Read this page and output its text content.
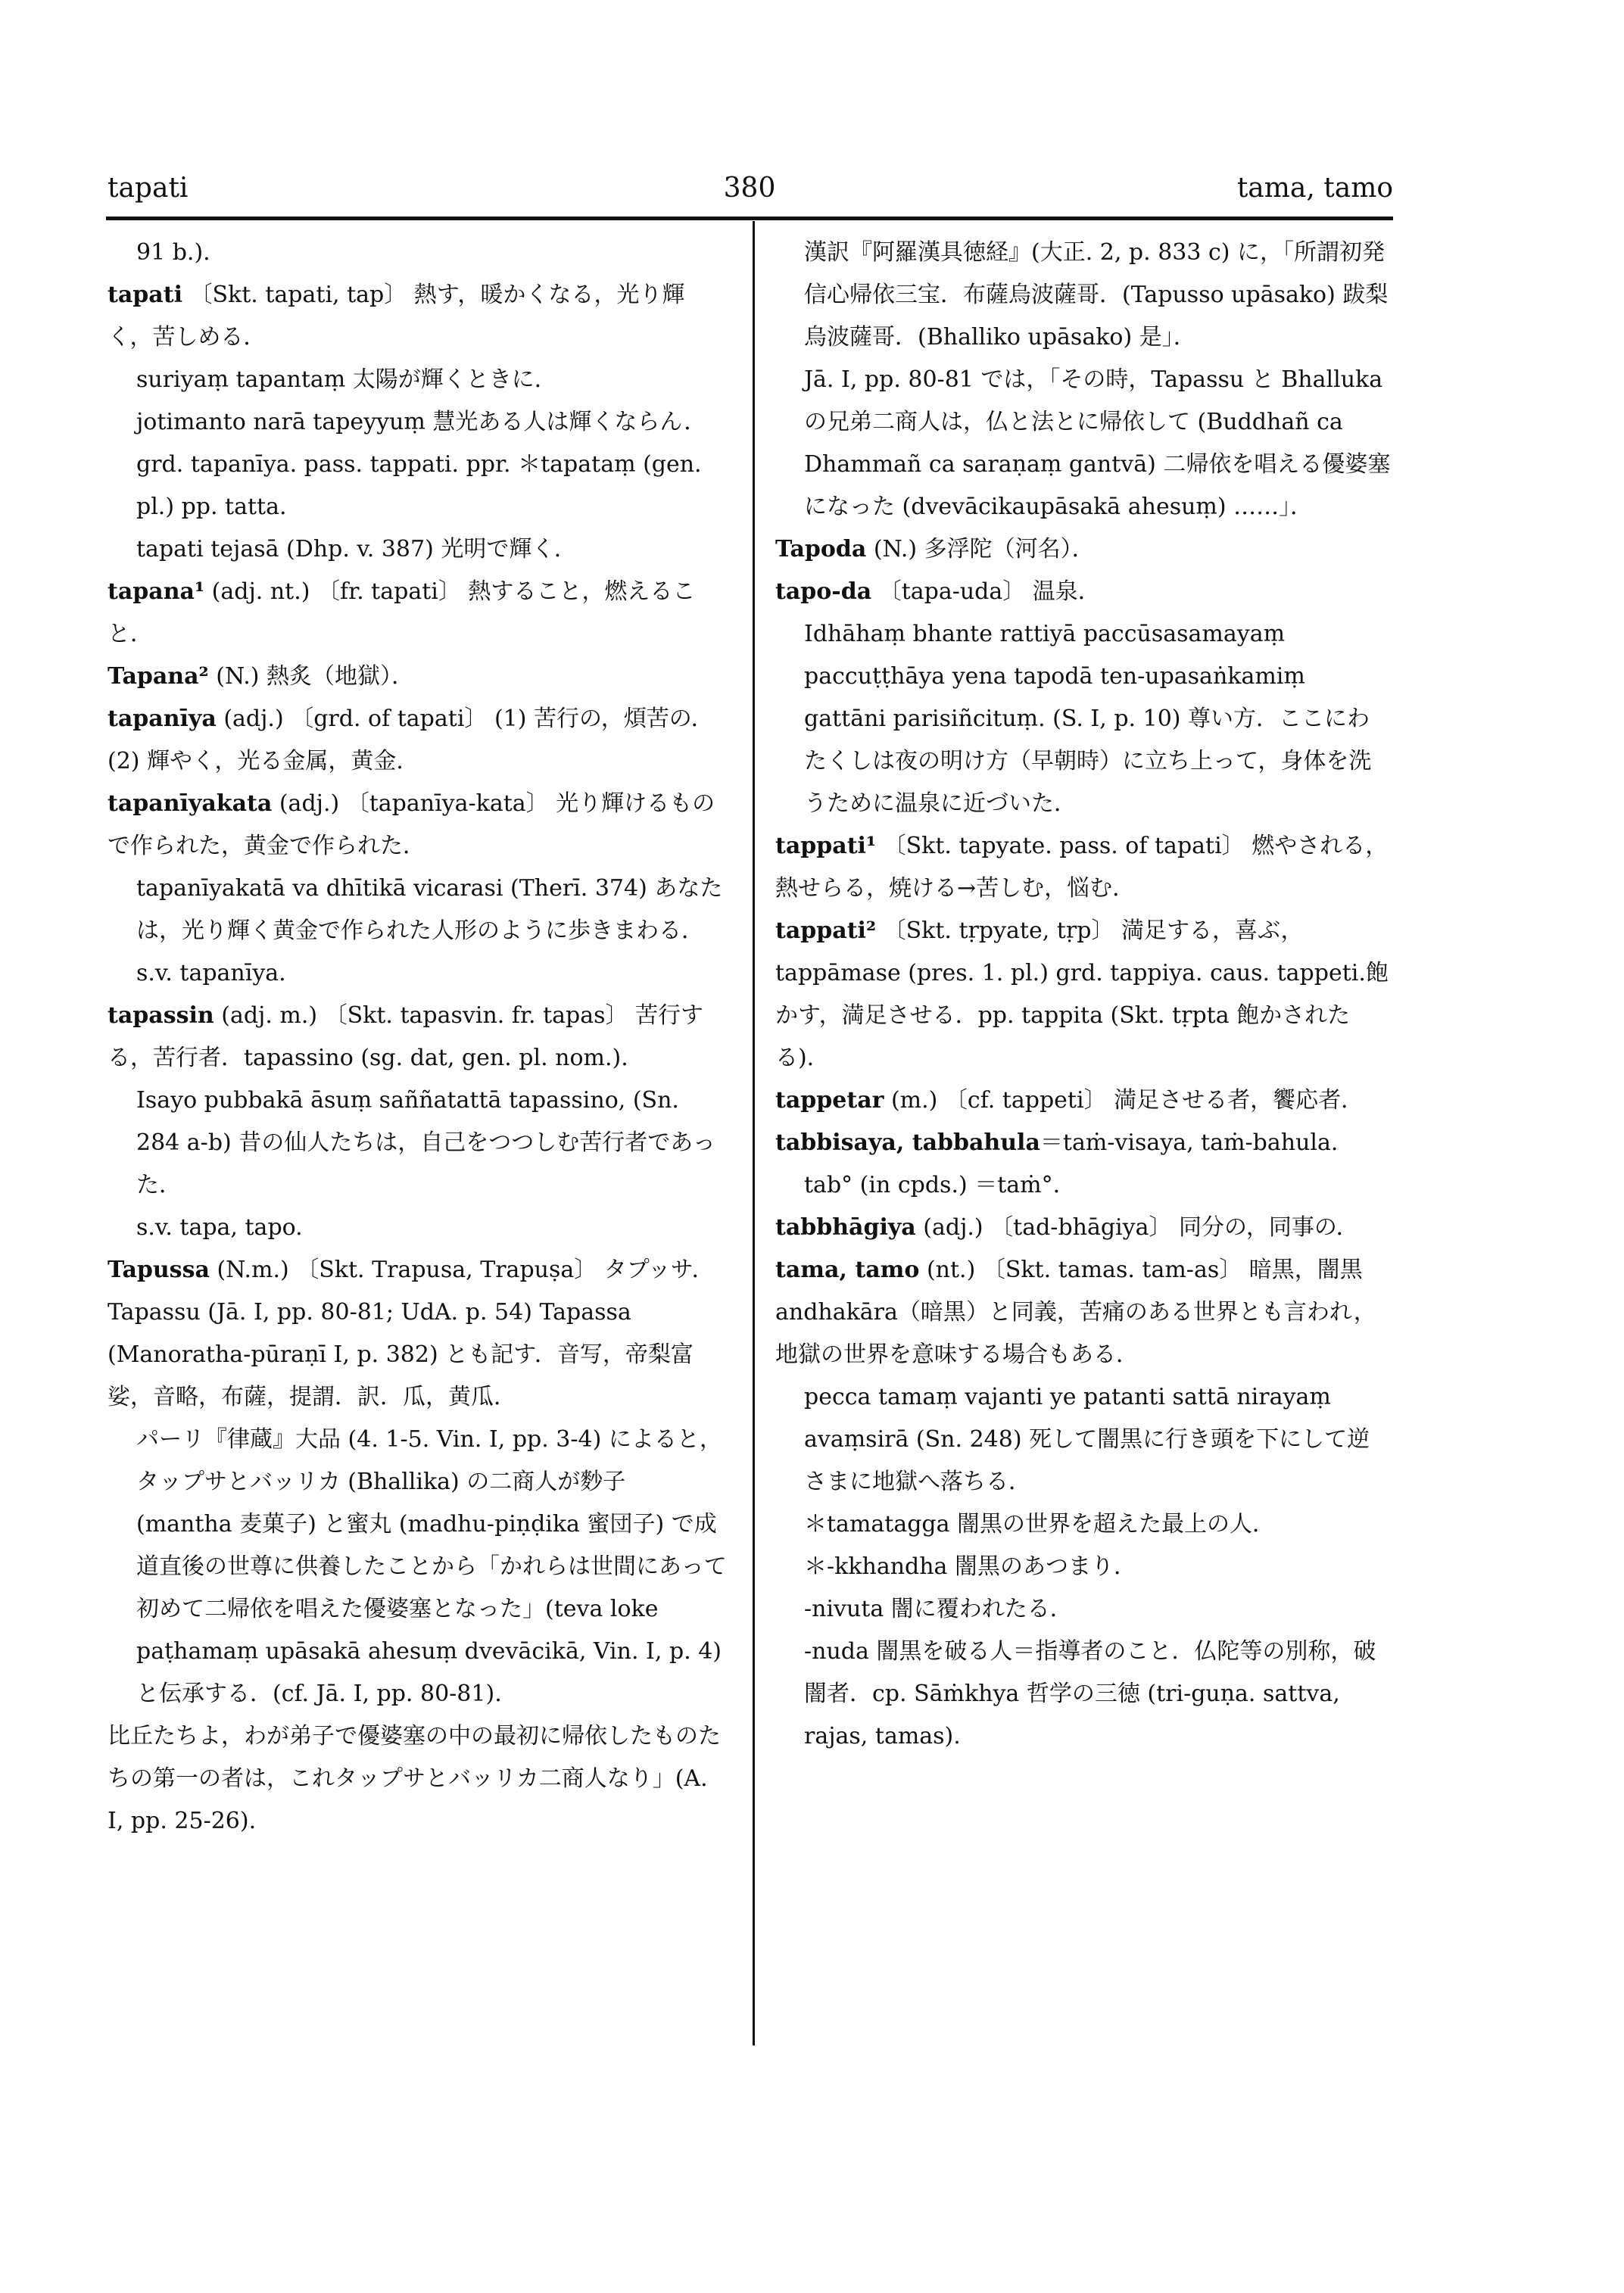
tapati	380	tama, tamo

91 b.).

tapati 〔Skt. tapati, tap〕 熱す，暖かくなる，光り輝く，苦しめる．

suriyaṃ tapantaṃ 太陽が輝くときに．

jotimanto narā tapeyyuṃ 慧光ある人は輝くならん．grd. tapanīya. pass. tappati. ppr. ＊tapataṃ (gen. pl.) pp. tatta.

tapati tejasā (Dhp. v. 387) 光明で輝く．

tapana¹ (adj. nt.) 〔fr. tapati〕 熱すること，燃えること．

Tapana² (N.) 熱炙（地獄）．

tapanīya (adj.) 〔grd. of tapati〕 (1) 苦行の，煩苦の． (2) 輝やく，光る金属，黄金．

tapanīyakata (adj.) 〔tapanīya-kata〕 光り輝けるもので作られた，黄金で作られた．

tapanīyakatā va dhītikā vicarasi (Therī. 374) あなたは，光り輝く黄金で作られた人形のように歩きまわる．

s.v. tapanīya.

tapassin (adj. m.) 〔Skt. tapasvin. fr. tapas〕 苦行する，苦行者．tapassino (sg. dat, gen. pl. nom.).

Isayo pubbakā āsuṃ saññatattā tapassino, (Sn. 284 a-b) 昔の仙人たちは，自己をつつしむ苦行者であった．

s.v. tapa, tapo.

Tapussa (N.m.) 〔Skt. Trapusa, Trapuṣa〕 タプッサ．Tapassu (Jā. I, pp. 80-81; UdA. p. 54) Tapassa (Manoratha-pūraṇī I, p. 382) とも記す．音写，帝梨富娑，音略，布薩，提謂．訳．瓜，黄瓜．

パーリ『律蔵』大品 (4. 1-5. Vin. I, pp. 3-4) によると，タップサとバッリカ (Bhallika) の二商人が麨子 (mantha 麦菓子) と蜜丸 (madhu-piṇḍika 蜜団子) で成道直後の世尊に供養したことから「かれらは世間にあって初めて二帰依を唱えた優婆塞となった」(teva loke paṭhamaṃ upāsakā ahesuṃ dvevācikā, Vin. I, p. 4) と伝承する．(cf. Jā. I, pp. 80-81).

比丘たちよ，わが弟子で優婆塞の中の最初に帰依したものたちの第一の者は，これタップサとバッリカ二商人なり」(A. I, pp. 25-26).

漢訳『阿羅漢具徳経』(大正. 2, p. 833 c) に，「所謂初発信心帰依三宝．布薩烏波薩哥．(Tapusso upāsako) 跋梨烏波薩哥．(Bhalliko upāsako) 是」．

Jā. I, pp. 80-81 では，「その時，Tapassu と Bhalluka の兄弟二商人は，仏と法とに帰依して (Buddhañ ca Dhammañ ca saraṇaṃ gantvā) 二帰依を唱える優婆塞になった (dvevācikaupāsakā ahesuṃ) ……」．

Tapoda (N.) 多浮陀（河名）．

tapo-da 〔tapa-uda〕 温泉．

Idhāhaṃ bhante rattiyā paccūsasamayaṃ paccuṭṭhāya yena tapodā ten-upasaṅkamiṃ gattāni parisiñcituṃ. (S. I, p. 10) 尊い方．ここにわたくしは夜の明け方（早朝時）に立ち上って，身体を洗うために温泉に近づいた．

tappati¹ 〔Skt. tapyate. pass. of tapati〕 燃やされる，熱せらる，焼ける→苦しむ，悩む．

tappati² 〔Skt. tṛpyate, tṛp〕 満足する，喜ぶ，tappāmase (pres. 1. pl.) grd. tappiya. caus. tappeti.飽かす，満足させる．pp. tappita (Skt. tṛpta 飽かされたる)．

tappetar (m.) 〔cf. tappeti〕 満足させる者，饗応者．

tabbisaya, tabbahula＝taṁ-visaya, taṁ-bahula.

tab° (in cpds.) ＝taṁ°.

tabbhāgiya (adj.) 〔tad-bhāgiya〕 同分の，同事の．

tama, tamo (nt.) 〔Skt. tamas. tam-as〕 暗黒，闇黒andhakāra（暗黒）と同義，苦痛のある世界とも言われ，地獄の世界を意味する場合もある．

pecca tamaṃ vajanti ye patanti sattā nirayaṃ avaṃsirā (Sn. 248) 死して闇黒に行き頭を下にして逆さまに地獄へ落ちる．

＊tamatagga 闇黒の世界を超えた最上の人．

＊-kkhandha 闇黒のあつまり．

-nivuta 闇に覆われたる．

-nuda 闇黒を破る人＝指導者のこと．仏陀等の別称，破闇者．cp. Sāṁkhya 哲学の三徳 (tri-guṇa. sattva, rajas, tamas).
